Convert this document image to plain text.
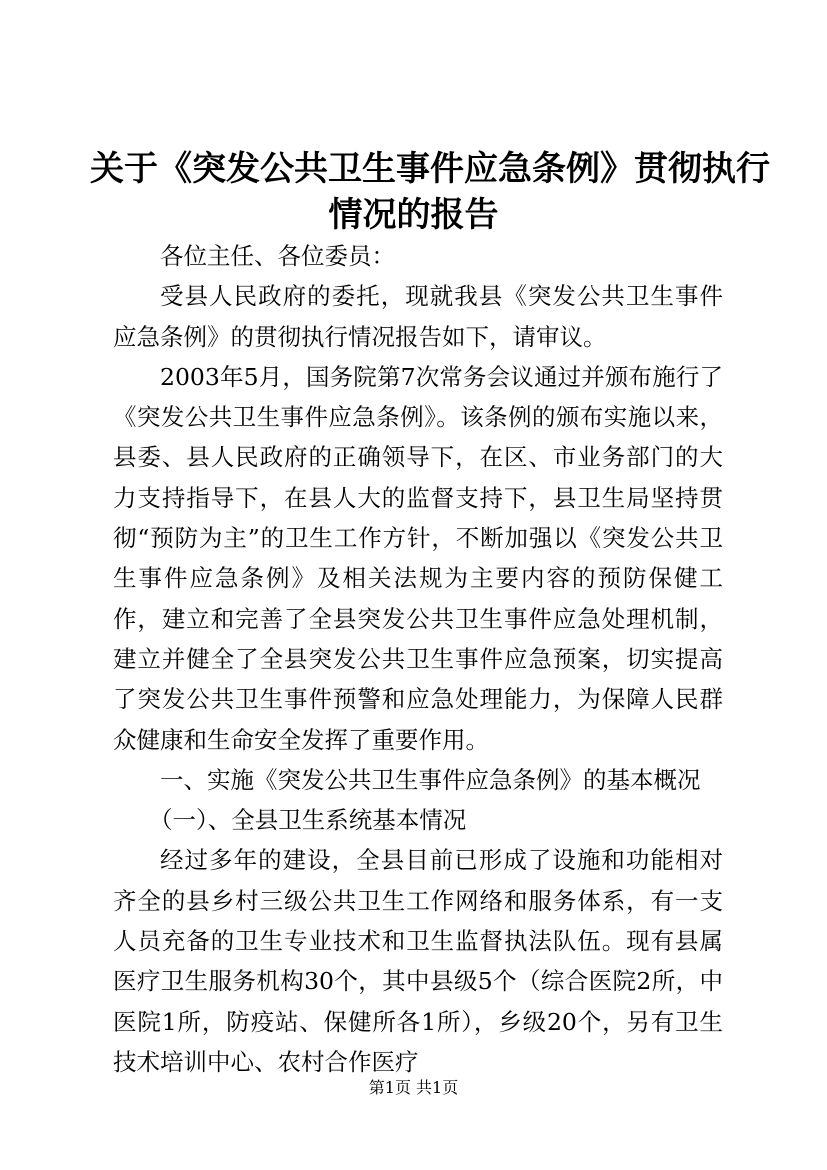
关于《突发公共卫生事件应急条例》贯彻执行
情况的报告

各位主任、各位委员：

受县人民政府的委托，现就我县《突发公共卫生事件应急条例》的贯彻执行情况报告如下，请审议。

2003年5月，国务院第7次常务会议通过并颁布施行了《突发公共卫生事件应急条例》。该条例的颁布实施以来，县委、县人民政府的正确领导下，在区、市业务部门的大力支持指导下，在县人大的监督支持下，县卫生局坚持贯彻“预防为主”的卫生工作方针，不断加强以《突发公共卫生事件应急条例》及相关法规为主要内容的预防保健工作，建立和完善了全县突发公共卫生事件应急处理机制，建立并健全了全县突发公共卫生事件应急预案，切实提高了突发公共卫生事件预警和应急处理能力，为保障人民群众健康和生命安全发挥了重要作用。

一、实施《突发公共卫生事件应急条例》的基本概况

（一）、全县卫生系统基本情况

经过多年的建设，全县目前已形成了设施和功能相对齐全的县乡村三级公共卫生工作网络和服务体系，有一支人员充备的卫生专业技术和卫生监督执法队伍。现有县属医疗卫生服务机构30个，其中县级5个（综合医院2所，中医院1所，防疫站、保健所各1所），乡级20个，另有卫生技术培训中心、农村合作医疗

第1页 共1页
